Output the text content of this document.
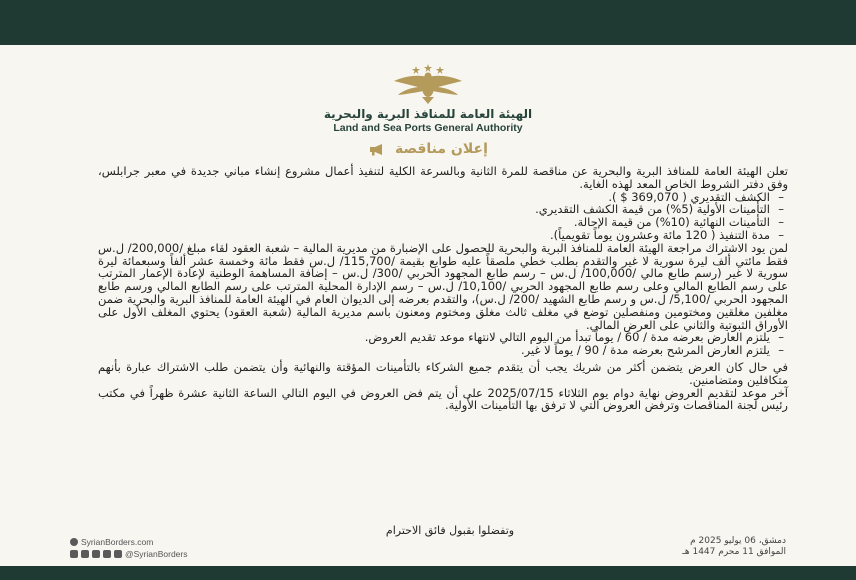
الهيئة العامة للمنافذ البرية والبحرية
Land and Sea Ports General Authority
إعلان مناقصة

تعلن الهيئة العامة للمنافذ البرية والبحرية عن مناقصة للمرة الثانية وبالسرعة الكلية لتنفيذ أعمال مشروع إنشاء مباني جديدة في معبر جرابلس، وفق دفتر الشروط الخاص المعد لهذه الغاية.

– الكشف التقديري ( 369,070 $ ).
– التأمينات الأولية (5%) من قيمة الكشف التقديري.
– التأمينات النهائية (10%) من قيمة الإحالة.
– مدة التنفيذ ( 120 مائة وعشرون يوماً تقويمياً).

لمن يود الاشتراك مراجعة الهيئة العامة للمنافذ البرية والبحرية للحصول على الإضبارة من مديرية المالية – شعبة العقود لقاء مبلغ /200,000/ ل.س فقط مائتي ألف ليرة سورية لا غير والتقدم بطلب خطي ملصقاً عليه طوابع بقيمة /115,700/ ل.س فقط مائة وخمسة عشر ألفاً وسبعمائة ليرة سورية لا غير (رسم طابع مالي /100,000/ ل.س – رسم طابع المجهود الحربي /300/ ل.س – إضافة المساهمة الوطنية لإعادة الإعمار المترتب على رسم الطابع المالي وعلى رسم طابع المجهود الحربي /10,100/ ل.س – رسم الإدارة المحلية المترتب على رسم الطابع المالي ورسم طابع المجهود الحربي /5,100/ ل.س و رسم طابع الشهيد /200/ ل.س)، والتقدم بعرضه إلى الديوان العام في الهيئة العامة للمنافذ البرية والبحرية ضمن مغلفين مغلقين ومختومين ومنفصلين توضع في مغلف ثالث مغلق ومختوم ومعنون باسم مديرية المالية (شعبة العقود) يحتوي المغلف الأول على الأوراق الثبوتية والثاني على العرض المالي.

– يلتزم العارض بعرضه مدة / 60 / يوماً تبدأ من اليوم التالي لانتهاء موعد تقديم العروض.
– يلتزم العارض المرشح بعرضه مدة / 90 / يوماً لا غير.

في حال كان العرض يتضمن أكثر من شريك يجب أن يتقدم جميع الشركاء بالتأمينات المؤقتة والنهائية وأن يتضمن طلب الاشتراك عبارة بأنهم متكافلين ومتضامنين.

آخر موعد لتقديم العروض نهاية دوام يوم الثلاثاء 2025/07/15 على أن يتم فض العروض في اليوم التالي الساعة الثانية عشرة ظهراً في مكتب رئيس لجنة المناقصات وترفض العروض التي لا ترفق بها التأمينات الأولية.

وتفضلوا بقبول فائق الاحترام
دمشق، 06 يوليو 2025 م
الموافق 11 محرم 1447 هـ
SyrianBorders.com
@SyrianBorders
